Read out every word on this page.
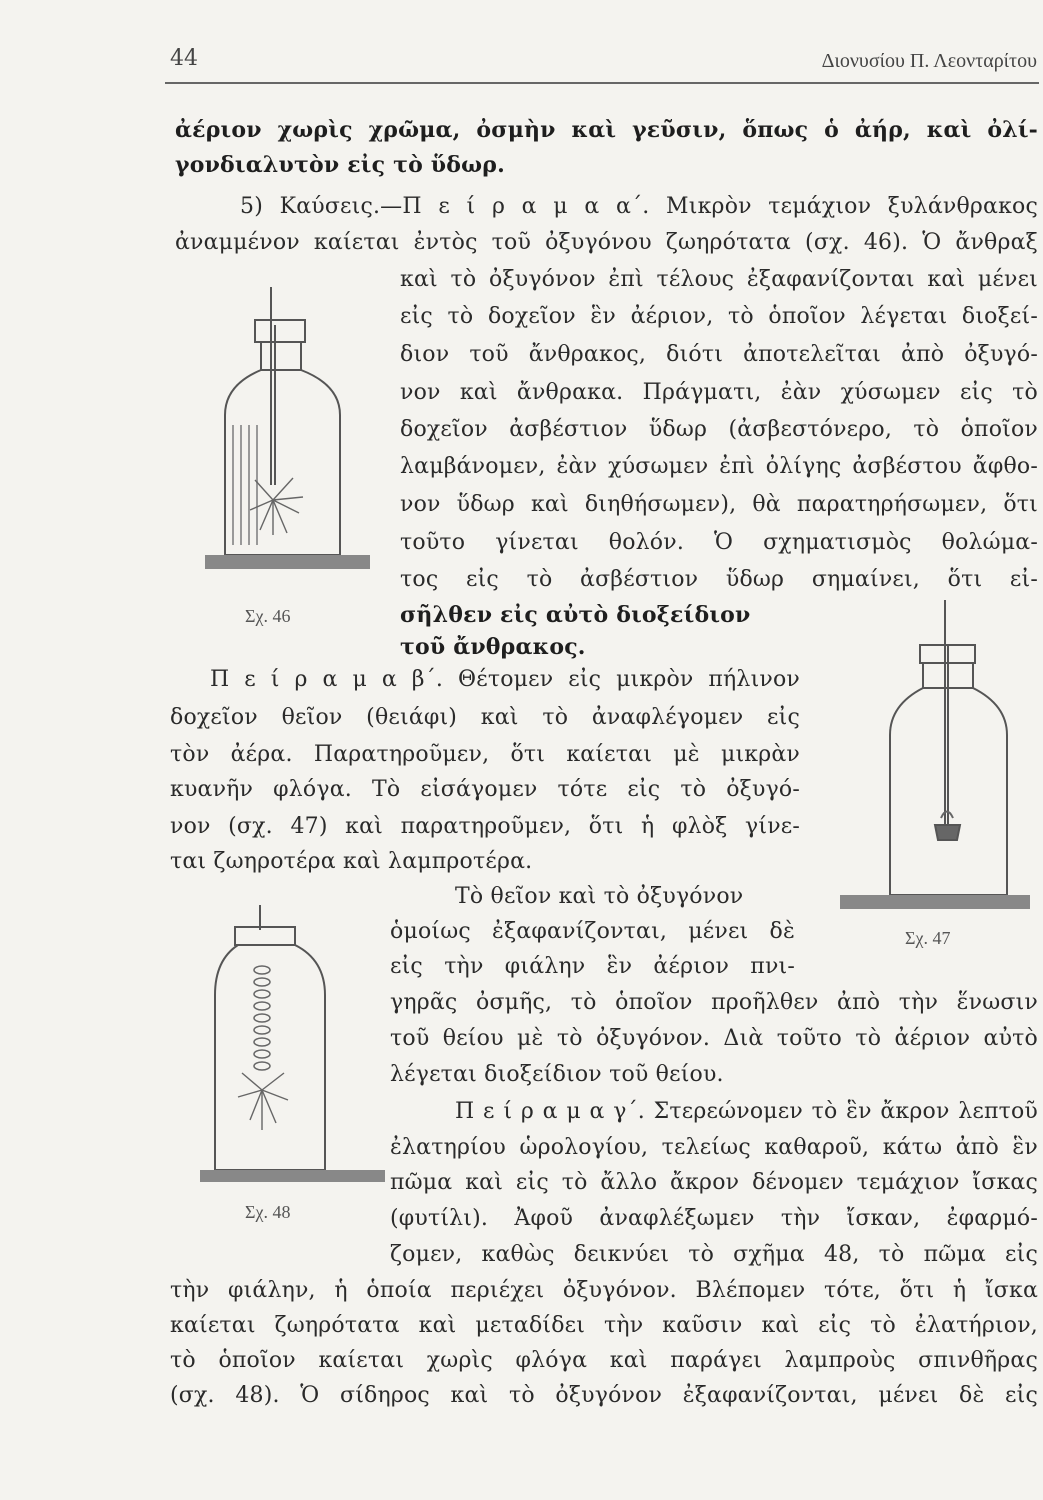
44	Διονυσίου Π. Λεονταρίτου
ἀέριον χωρὶς χρῶμα, ὀσμὴν καὶ γεῦσιν, ὅπως ὁ ἀήρ, καὶ ὀλί-
γονδιαλυτὸν εἰς τὸ ὕδωρ.
5) Καύσεις.—Π ε ί ρ α μ α α΄. Μικρὸν τεμάχιον ξυλάνθρακος
ἀναμμένον καίεται ἐντὸς τοῦ ὀξυγόνου ζωηρότατα (σχ. 46). Ὁ ἄνθραξ
καὶ τὸ ὀξυγόνον ἐπὶ τέλους ἐξαφανίζονται καὶ μένει
εἰς τὸ δοχεῖον ἓν ἀέριον, τὸ ὁποῖον λέγεται διοξεί-
διον τοῦ ἄνθρακος, διότι ἀποτελεῖται ἀπὸ ὀξυγό-
νον καὶ ἄνθρακα. Πράγματι, ἐὰν χύσωμεν εἰς τὸ
δοχεῖον ἀσβέστιον ὕδωρ (ἀσβεστόνερο, τὸ ὁποῖον
λαμβάνομεν, ἐὰν χύσωμεν ἐπὶ ὀλίγης ἀσβέστου ἄφθο-
νον ὕδωρ καὶ διηθήσωμεν), θὰ παρατηρήσωμεν, ὅτι
τοῦτο γίνεται θολόν. Ὁ σχηματισμὸς θολώμα-
τος εἰς τὸ ἀσβέστιον ὕδωρ σημαίνει, ὅτι εἰ-
σῆλθεν εἰς αὐτὸ διοξείδιον
τοῦ ἄνθρακος.
Π ε ί ρ α μ α β΄. Θέτομεν εἰς μικρὸν πήλινον
δοχεῖον θεῖον (θειάφι) καὶ τὸ ἀναφλέγομεν εἰς
τὸν ἀέρα. Παρατηροῦμεν, ὅτι καίεται μὲ μικρὰν
κυανῆν φλόγα. Τὸ εἰσάγομεν τότε εἰς τὸ ὀξυγό-
νον (σχ. 47) καὶ παρατηροῦμεν, ὅτι ἡ φλὸξ γίνε-
ται ζωηροτέρα καὶ λαμπροτέρα.
Τὸ θεῖον καὶ τὸ ὀξυγόνον
ὁμοίως ἐξαφανίζονται, μένει δὲ
εἰς τὴν φιάλην ἓν ἀέριον πνι-
γηρᾶς ὀσμῆς, τὸ ὁποῖον προῆλθεν ἀπὸ τὴν ἕνωσιν
τοῦ θείου μὲ τὸ ὀξυγόνον. Διὰ τοῦτο τὸ ἀέριον αὐτὸ
λέγεται διοξείδιον τοῦ θείου.
Π ε ί ρ α μ α γ΄. Στερεώνομεν τὸ ἓν ἄκρον λεπτοῦ
ἐλατηρίου ὡρολογίου, τελείως καθαροῦ, κάτω ἀπὸ ἓν
πῶμα καὶ εἰς τὸ ἄλλο ἄκρον δένομεν τεμάχιον ἴσκας
(φυτίλι). Ἀφοῦ ἀναφλέξωμεν τὴν ἴσκαν, ἐφαρμό-
ζομεν, καθὼς δεικνύει τὸ σχῆμα 48, τὸ πῶμα εἰς
τὴν φιάλην, ἡ ὁποία περιέχει ὀξυγόνον. Βλέπομεν τότε, ὅτι ἡ ἴσκα
καίεται ζωηρότατα καὶ μεταδίδει τὴν καῦσιν καὶ εἰς τὸ ἐλατήριον,
τὸ ὁποῖον καίεται χωρὶς φλόγα καὶ παράγει λαμπροὺς σπινθῆρας
(σχ. 48). Ὁ σίδηρος καὶ τὸ ὀξυγόνον ἐξαφανίζονται, μένει δὲ εἰς
Σχ. 46
Σχ. 47
Σχ. 48
